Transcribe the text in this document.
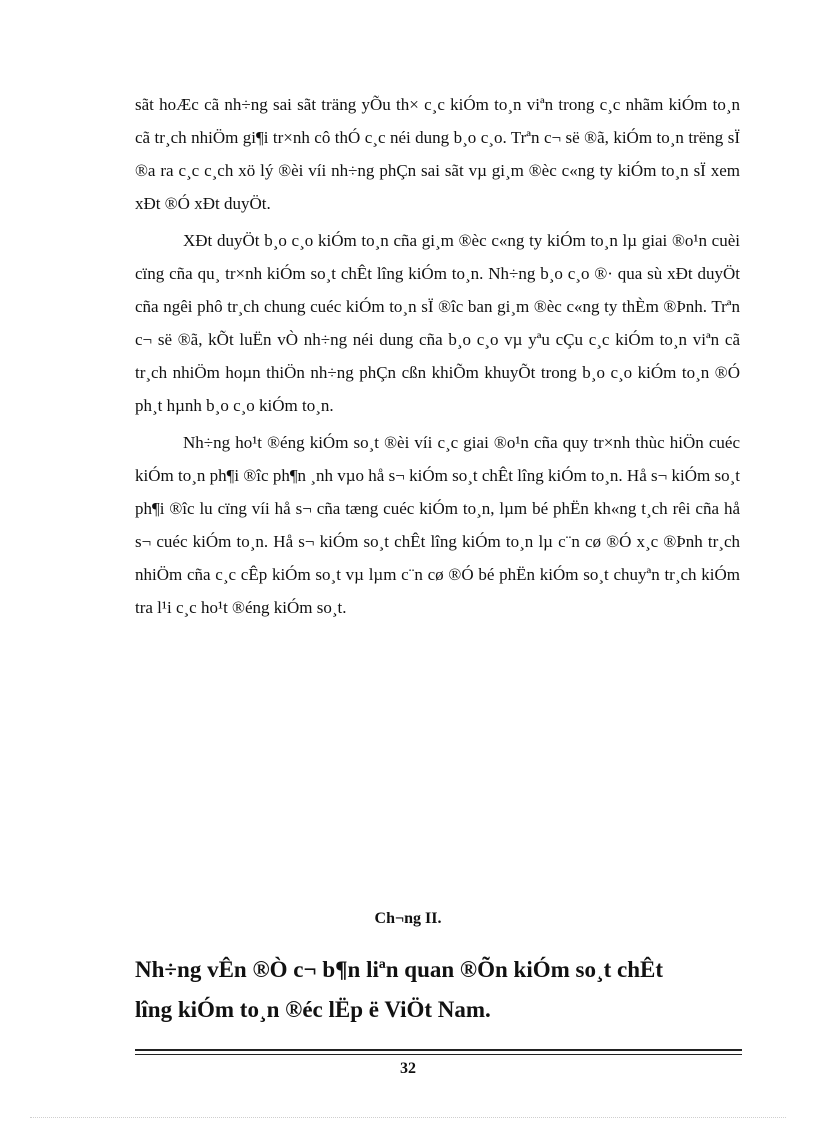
sãt hoÆc cã nh÷ng sai sãt träng yÕu th× c¸c kiÓm to¸n viªn trong c¸c nhãm kiÓm to¸n cã tr¸ch nhiÖm gi¶i tr×nh cô thÓ c¸c néi dung b¸o c¸o. Trªn c¬ së ®ã, kiÓm to¸n trëng sÏ ®a ra c¸c c¸ch xö lý ®èi víi nh÷ng phÇn sai sãt vµ gi¸m ®èc c«ng ty kiÓm to¸n sÏ xem xÐt ®Ó xÐt duyÖt.

XÐt duyÖt b¸o c¸o kiÓm to¸n cña gi¸m ®èc c«ng ty kiÓm to¸n lµ giai ®o¹n cuèi cïng cña qu¸ tr×nh kiÓm so¸t chÊt lîng kiÓm to¸n. Nh÷ng b¸o c¸o ®· qua sù xÐt duyÖt cña ngêi phô tr¸ch chung cuéc kiÓm to¸n sÏ ®îc ban gi¸m ®èc c«ng ty thÈm ®Þnh. Trªn c¬ së ®ã, kÕt luËn vÒ nh÷ng néi dung cña b¸o c¸o vµ yªu cÇu c¸c kiÓm to¸n viªn cã tr¸ch nhiÖm hoµn thiÖn nh÷ng phÇn cßn khiÕm khuyÕt trong b¸o c¸o kiÓm to¸n ®Ó ph¸t hµnh b¸o c¸o kiÓm to¸n.

Nh÷ng ho¹t ®éng kiÓm so¸t ®èi víi c¸c giai ®o¹n cña quy tr×nh thùc hiÖn cuéc kiÓm to¸n ph¶i ®îc ph¶n ¸nh vµo hå s¬ kiÓm so¸t chÊt lîng kiÓm to¸n. Hå s¬ kiÓm so¸t ph¶i ®îc lu cïng víi hå s¬ cña tæng cuéc kiÓm to¸n, lµm bé phËn kh«ng t¸ch rêi cña hå s¬ cuéc kiÓm to¸n. Hå s¬ kiÓm so¸t chÊt lîng kiÓm to¸n lµ c¨n cø ®Ó x¸c ®Þnh tr¸ch nhiÖm cña c¸c cÊp kiÓm so¸t vµ lµm c¨n cø ®Ó bé phËn kiÓm so¸t chuyªn tr¸ch kiÓm tra l¹i c¸c ho¹t ®éng kiÓm so¸t.

Ch¬ng II.
Nh÷ng vÊn ®Ò c¬ b¶n liªn quan ®Õn kiÓm so¸t chÊt
lîng kiÓm to¸n ®éc lËp ë ViÖt Nam.
32
